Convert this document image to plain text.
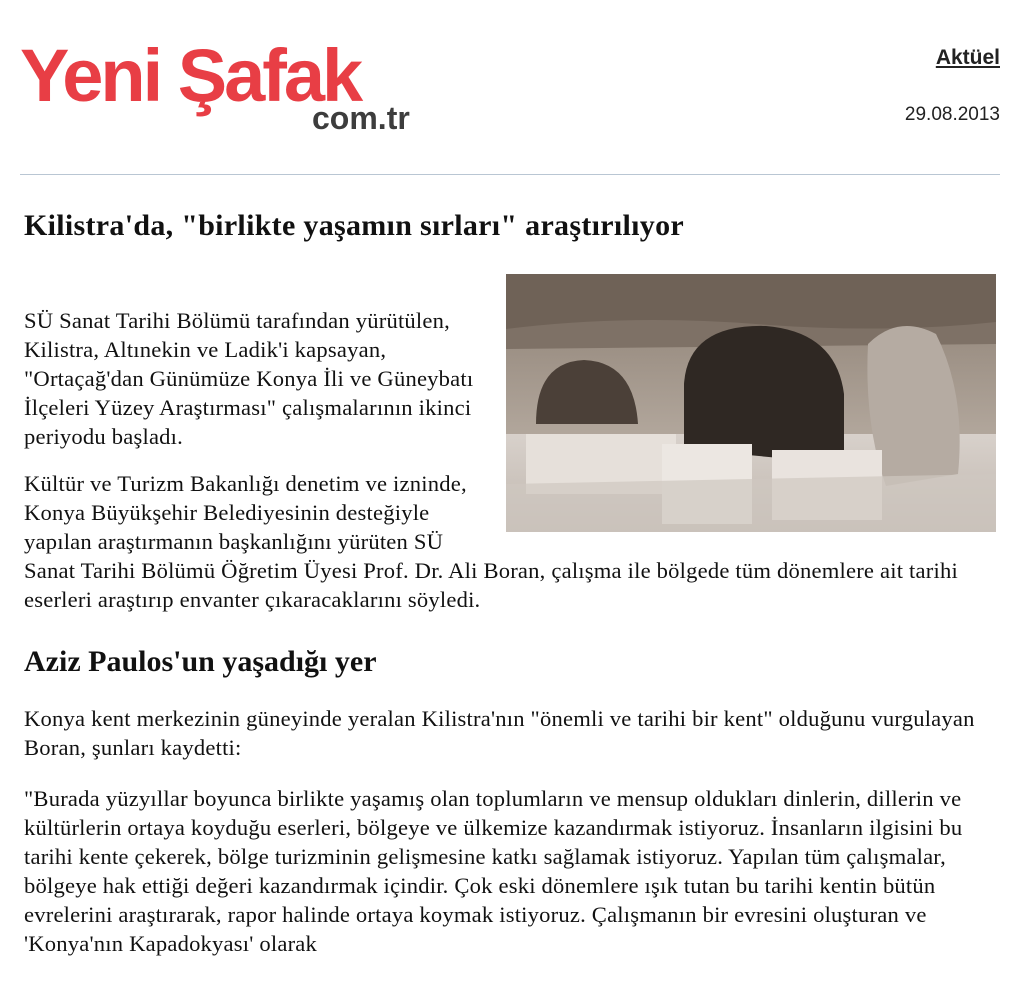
Yeni Şafak
com.tr
Aktüel
29.08.2013
Kilistra'da, "birlikte yaşamın sırları" araştırılıyor

SÜ Sanat Tarihi Bölümü tarafından yürütülen, Kilistra, Altınekin ve Ladik'i kapsayan, "Ortaçağ'dan Günümüze Konya İli ve Güneybatı İlçeleri Yüzey Araştırması" çalışmalarının ikinci periyodu başladı.

Kültür ve Turizm Bakanlığı denetim ve izninde, Konya Büyükşehir Belediyesinin desteğiyle yapılan araştırmanın başkanlığını yürüten SÜ Sanat Tarihi Bölümü Öğretim Üyesi Prof. Dr. Ali Boran, çalışma ile bölgede tüm dönemlere ait tarihi eserleri araştırıp envanter çıkaracaklarını söyledi.

Aziz Paulos'un yaşadığı yer

Konya kent merkezinin güneyinde yeralan Kilistra'nın "önemli ve tarihi bir kent" olduğunu vurgulayan Boran, şunları kaydetti:

"Burada yüzyıllar boyunca birlikte yaşamış olan toplumların ve mensup oldukları dinlerin, dillerin ve kültürlerin ortaya koyduğu eserleri, bölgeye ve ülkemize kazandırmak istiyoruz. İnsanların ilgisini bu tarihi kente çekerek, bölge turizminin gelişmesine katkı sağlamak istiyoruz. Yapılan tüm çalışmalar, bölgeye hak ettiği değeri kazandırmak içindir. Çok eski dönemlere ışık tutan bu tarihi kentin bütün evrelerini araştırarak, rapor halinde ortaya koymak istiyoruz. Çalışmanın bir evresini oluşturan ve 'Konya'nın Kapadokyası' olarak
